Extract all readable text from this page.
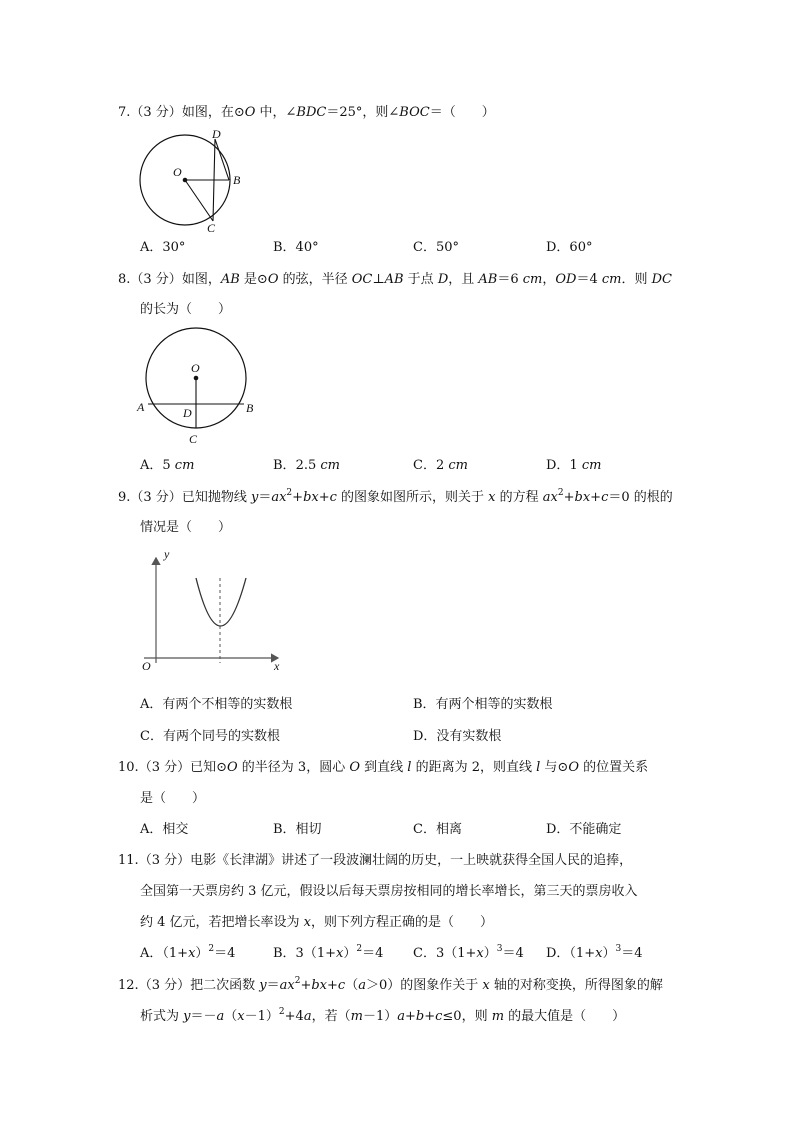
7.（3 分）如图，在⊙O 中，∠BDC＝25°，则∠BOC＝（　　）
D
O
B
C
A．30°	B．40°	C．50°	D．60°
8.（3 分）如图，AB 是⊙O 的弦，半径 OC⊥AB 于点 D，且 AB＝6 cm，OD＝4 cm．则 DC
的长为（　　）
O
A	D	B
C
A．5 cm	B．2.5 cm	C．2 cm	D．1 cm
9.（3 分）已知抛物线 $y=ax^2+bx+c$ 的图象如图所示，则关于 x 的方程 $ax^2+bx+c=0$ 的根的
情况是（　　）
y
x
O
A．有两个不相等的实数根	B．有两个相等的实数根
C．有两个同号的实数根	D．没有实数根
10.（3 分）已知⊙O 的半径为 3，圆心 O 到直线 l 的距离为 2，则直线 l 与⊙O 的位置关系
是（　　）
A．相交	B．相切	C．相离	D．不能确定
11.（3 分）电影《长津湖》讲述了一段波澜壮阔的历史，一上映就获得全国人民的追捧，
全国第一天票房约 3 亿元，假设以后每天票房按相同的增长率增长，第三天的票房收入
约 4 亿元，若把增长率设为 x，则下列方程正确的是（　　）
A．$(1+x)^2=4$	B．$3(1+x)^2=4$ C．$3(1+x)^3=4$ D．$(1+x)^3=4$
12.（3 分）把二次函数 $y=ax^2+bx+c(a>0)$的图象作关于 x 轴的对称变换，所得图象的解
析式为 $y=-a(x-1)^2+4a$，若（m－1）a+b+c≤0，则 m 的最大值是（　　）
